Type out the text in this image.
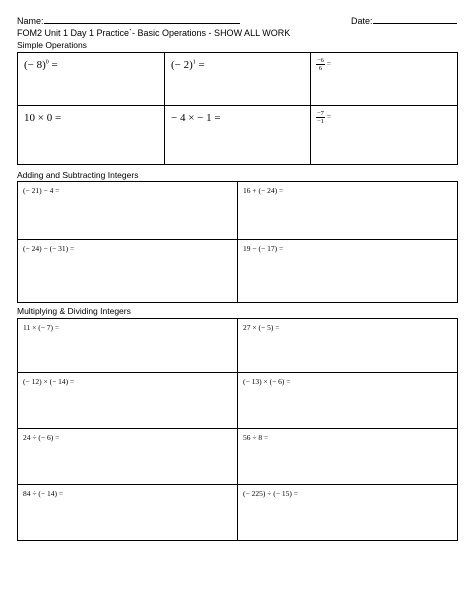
Name:	Date:
FOM2 Unit 1 Day 1 Practice`- Basic Operations - SHOW ALL WORK
Simple Operations
(− 8)$^0$ =	(− 2)$^1$ =	$\frac{-6}{6}$ =

10 × 0 =	− 4 × − 1 =	$\frac{-7}{-1}$ =
Adding and Subtracting Integers
(− 21) − 4 =	16 + (− 24) =

(− 24) − (− 31) =	19 − (− 17) =
Multiplying & Dividing Integers
11 × (− 7) =	27 × (− 5) =

(− 12) × (− 14) =	(− 13) × (− 6) =

24 ÷ (− 6) =	56 ÷ 8 =

84 ÷ (− 14) =	(− 225) ÷ (− 15) =
